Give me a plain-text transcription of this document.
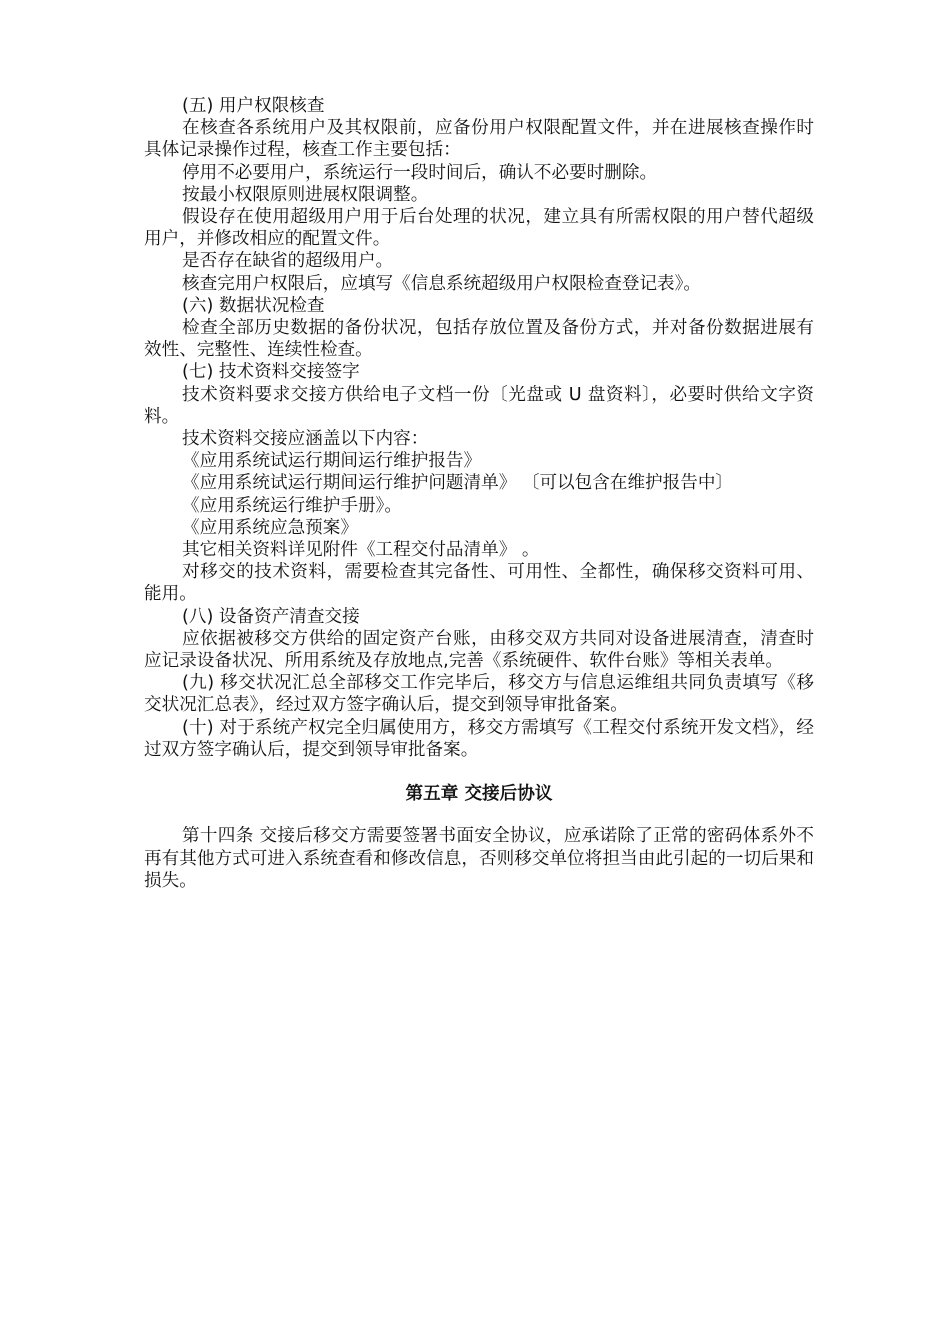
(五) 用户权限核查

在核查各系统用户及其权限前，应备份用户权限配置文件，并在进展核查操作时具体记录操作过程，核查工作主要包括：

停用不必要用户，系统运行一段时间后，确认不必要时删除。

按最小权限原则进展权限调整。

假设存在使用超级用户用于后台处理的状况，建立具有所需权限的用户替代超级用户，并修改相应的配置文件。

是否存在缺省的超级用户。

核查完用户权限后，应填写《信息系统超级用户权限检查登记表》。

(六) 数据状况检查

检查全部历史数据的备份状况，包括存放位置及备份方式，并对备份数据进展有效性、完整性、连续性检查。

(七) 技术资料交接签字

技术资料要求交接方供给电子文档一份〔光盘或 U 盘资料〕，必要时供给文字资料。

技术资料交接应涵盖以下内容：

《应用系统试运行期间运行维护报告》

《应用系统试运行期间运行维护问题清单》 〔可以包含在维护报告中〕

《应用系统运行维护手册》。

《应用系统应急预案》

其它相关资料详见附件《工程交付品清单》 。

对移交的技术资料，需要检查其完备性、可用性、全都性，确保移交资料可用、能用。

(八) 设备资产清查交接

应依据被移交方供给的固定资产台账，由移交双方共同对设备进展清查，清查时应记录设备状况、所用系统及存放地点,完善《系统硬件、软件台账》等相关表单。

(九) 移交状况汇总全部移交工作完毕后，移交方与信息运维组共同负责填写《移交状况汇总表》，经过双方签字确认后，提交到领导审批备案。

(十) 对于系统产权完全归属使用方，移交方需填写《工程交付系统开发文档》，经过双方签字确认后，提交到领导审批备案。

第五章 交接后协议

第十四条 交接后移交方需要签署书面安全协议，应承诺除了正常的密码体系外不再有其他方式可进入系统查看和修改信息，否则移交单位将担当由此引起的一切后果和损失。
